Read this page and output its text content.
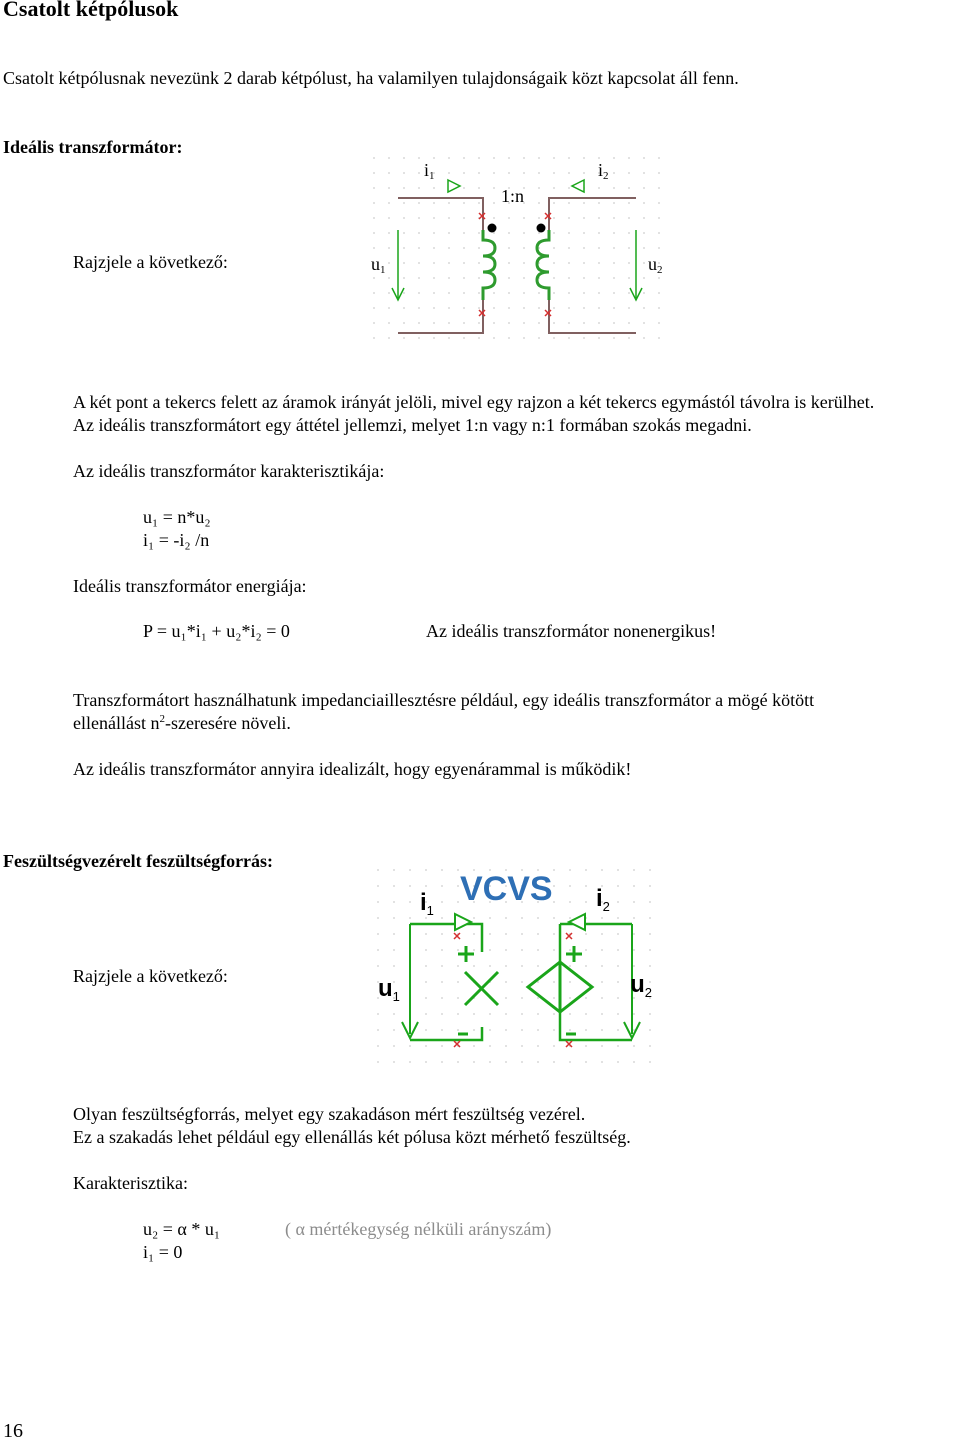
Csatolt kétpólusok
Csatolt kétpólusnak nevezünk 2 darab kétpólust, ha valamilyen tulajdonságaik közt kapcsolat áll fenn.
Ideális transzformátor:
Rajzjele a következő:
i1	i2
1:n
u1	u2
A két pont a tekercs felett az áramok irányát jelöli, mivel egy rajzon a két tekercs egymástól távolra is kerülhet.
Az ideális transzformátort egy áttétel jellemzi, melyet 1:n vagy n:1 formában szokás megadni.
Az ideális transzformátor karakterisztikája:
u₁ = n*u₂
i₁ = -i₂ /n
Ideális transzformátor energiája:
P = u₁*i₁ + u₂*i₂ = 0	Az ideális transzformátor nonenergikus!
Transzformátort használhatunk impedanciaillesztésre például, egy ideális transzformátor a mögé kötött
ellenállást $n^2$-szeresére növeli.
Az ideális transzformátor annyira idealizált, hogy egyenárammal is működik!
Feszültségvezérelt feszültségforrás:
Rajzjele a következő:
VCVS
$i_1$	$i_2$
$u_1$	$u_2$
Olyan feszültségforrás, melyet egy szakadáson mért feszültség vezérel.
Ez a szakadás lehet például egy ellenállás két pólusa közt mérhető feszültség.
Karakterisztika:
u₂ = α * u₁	( α mértékegység nélküli arányszám)
i₁ = 0
16
